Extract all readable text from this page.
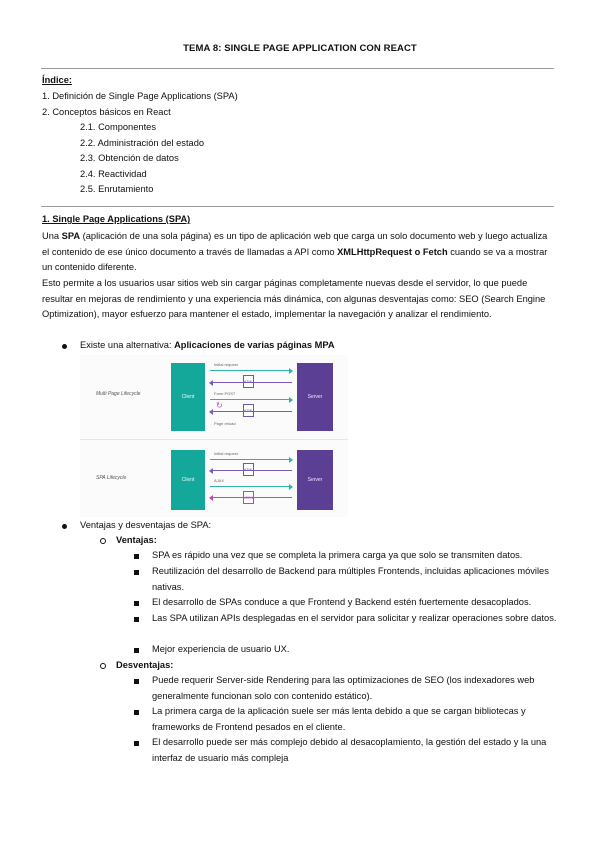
TEMA 8: SINGLE PAGE APPLICATION CON REACT
Índice:
1. Definición de Single Page Applications (SPA)
2. Conceptos básicos en React
2.1. Componentes
2.2. Administración del estado
2.3. Obtención de datos
2.4. Reactividad
2.5. Enrutamiento
1. Single Page Applications (SPA)
Una SPA (aplicación de una sola página) es un tipo de aplicación web que carga un solo documento web y luego actualiza el contenido de ese único documento a través de llamadas a API como XMLHttpRequest o Fetch cuando se va a mostrar un contenido diferente.
Esto permite a los usuarios usar sitios web sin cargar páginas completamente nuevas desde el servidor, lo que puede resultar en mejoras de rendimiento y una experiencia más dinámica, con algunas desventajas como: SEO (Search Engine Optimization), mayor esfuerzo para mantener el estado, implementar la navegación y analizar el rendimiento.
Existe una alternativa: Aplicaciones de varias páginas MPA
Multi Page Lifecycle	Client	Server
Initial request
HTML
Form POST
↻
HTML
Page reload
SPA Lifecycle	Client	Server
Initial request
HTML
AJAX
JSON
Ventajas y desventajas de SPA:
Ventajas:
SPA es rápido una vez que se completa la primera carga ya que solo se transmiten datos.
Reutilización del desarrollo de Backend para múltiples Frontends, incluidas aplicaciones móviles nativas.
El desarrollo de SPAs conduce a que Frontend y Backend estén fuertemente desacoplados.
Las SPA utilizan APIs desplegadas en el servidor para solicitar y realizar operaciones sobre datos.
Mejor experiencia de usuario UX.
Desventajas:
Puede requerir Server-side Rendering para las optimizaciones de SEO (los indexadores web generalmente funcionan solo con contenido estático).
La primera carga de la aplicación suele ser más lenta debido a que se cargan bibliotecas y frameworks de Frontend pesados en el cliente.
El desarrollo puede ser más complejo debido al desacoplamiento, la gestión del estado y la una interfaz de usuario más compleja
